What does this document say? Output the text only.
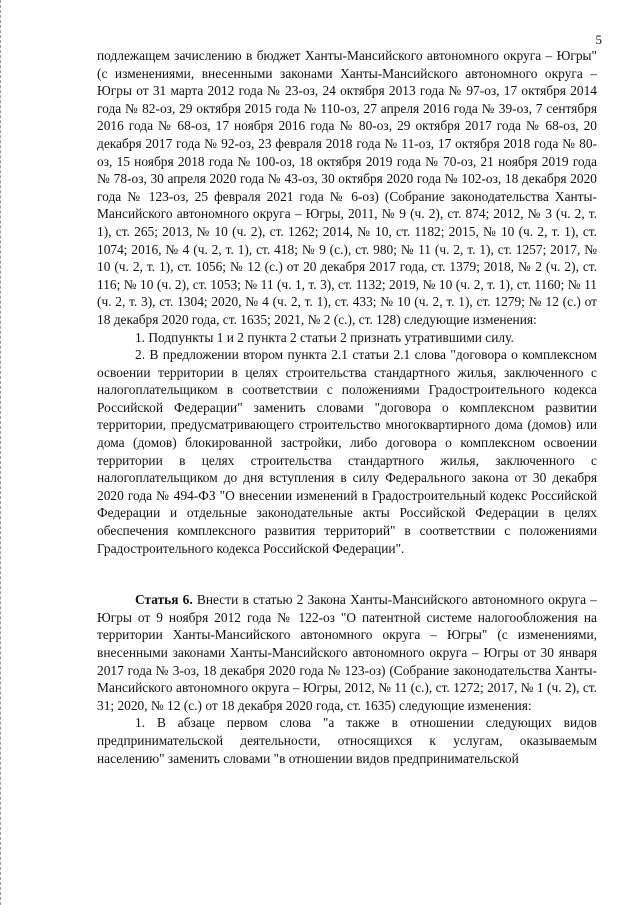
5

подлежащем зачислению в бюджет Ханты-Мансийского автономного округа – Югры" (с изменениями, внесенными законами Ханты-Мансийского автономного округа – Югры от 31 марта 2012 года № 23-оз, 24 октября 2013 года № 97-оз, 17 октября 2014 года № 82-оз, 29 октября 2015 года № 110-оз, 27 апреля 2016 года № 39-оз, 7 сентября 2016 года № 68-оз, 17 ноября 2016 года № 80-оз, 29 октября 2017 года № 68-оз, 20 декабря 2017 года № 92-оз, 23 февраля 2018 года № 11-оз, 17 октября 2018 года № 80-оз, 15 ноября 2018 года № 100-оз, 18 октября 2019 года № 70-оз, 21 ноября 2019 года № 78-оз, 30 апреля 2020 года № 43-оз, 30 октября 2020 года № 102-оз, 18 декабря 2020 года № 123-оз, 25 февраля 2021 года № 6-оз) (Собрание законодательства Ханты-Мансийского автономного округа – Югры, 2011, № 9 (ч. 2), ст. 874; 2012, № 3 (ч. 2, т. 1), ст. 265; 2013, № 10 (ч. 2), ст. 1262; 2014, № 10, ст. 1182; 2015, № 10 (ч. 2, т. 1), ст. 1074; 2016, № 4 (ч. 2, т. 1), ст. 418; № 9 (с.), ст. 980; № 11 (ч. 2, т. 1), ст. 1257; 2017, № 10 (ч. 2, т. 1), ст. 1056; № 12 (с.) от 20 декабря 2017 года, ст. 1379; 2018, № 2 (ч. 2), ст. 116; № 10 (ч. 2), ст. 1053; № 11 (ч. 1, т. 3), ст. 1132; 2019, № 10 (ч. 2, т. 1), ст. 1160; № 11 (ч. 2, т. 3), ст. 1304; 2020, № 4 (ч. 2, т. 1), ст. 433; № 10 (ч. 2, т. 1), ст. 1279; № 12 (с.) от 18 декабря 2020 года, ст. 1635; 2021, № 2 (с.), ст. 128) следующие изменения:

1. Подпункты 1 и 2 пункта 2 статьи 2 признать утратившими силу.

2. В предложении втором пункта 2.1 статьи 2.1 слова "договора о комплексном освоении территории в целях строительства стандартного жилья, заключенного с налогоплательщиком в соответствии с положениями Градостроительного кодекса Российской Федерации" заменить словами "договора о комплексном развитии территории, предусматривающего строительство многоквартирного дома (домов) или дома (домов) блокированной застройки, либо договора о комплексном освоении территории в целях строительства стандартного жилья, заключенного с налогоплательщиком до дня вступления в силу Федерального закона от 30 декабря 2020 года № 494-ФЗ "О внесении изменений в Градостроительный кодекс Российской Федерации и отдельные законодательные акты Российской Федерации в целях обеспечения комплексного развития территорий" в соответствии с положениями Градостроительного кодекса Российской Федерации".

Статья 6. Внести в статью 2 Закона Ханты-Мансийского автономного округа – Югры от 9 ноября 2012 года № 122-оз "О патентной системе налогообложения на территории Ханты-Мансийского автономного округа – Югры" (с изменениями, внесенными законами Ханты-Мансийского автономного округа – Югры от 30 января 2017 года № 3-оз, 18 декабря 2020 года № 123-оз) (Собрание законодательства Ханты-Мансийского автономного округа – Югры, 2012, № 11 (с.), ст. 1272; 2017, № 1 (ч. 2), ст. 31; 2020, № 12 (с.) от 18 декабря 2020 года, ст. 1635) следующие изменения:

1. В абзаце первом слова "а также в отношении следующих видов предпринимательской деятельности, относящихся к услугам, оказываемым населению" заменить словами "в отношении видов предпринимательской
